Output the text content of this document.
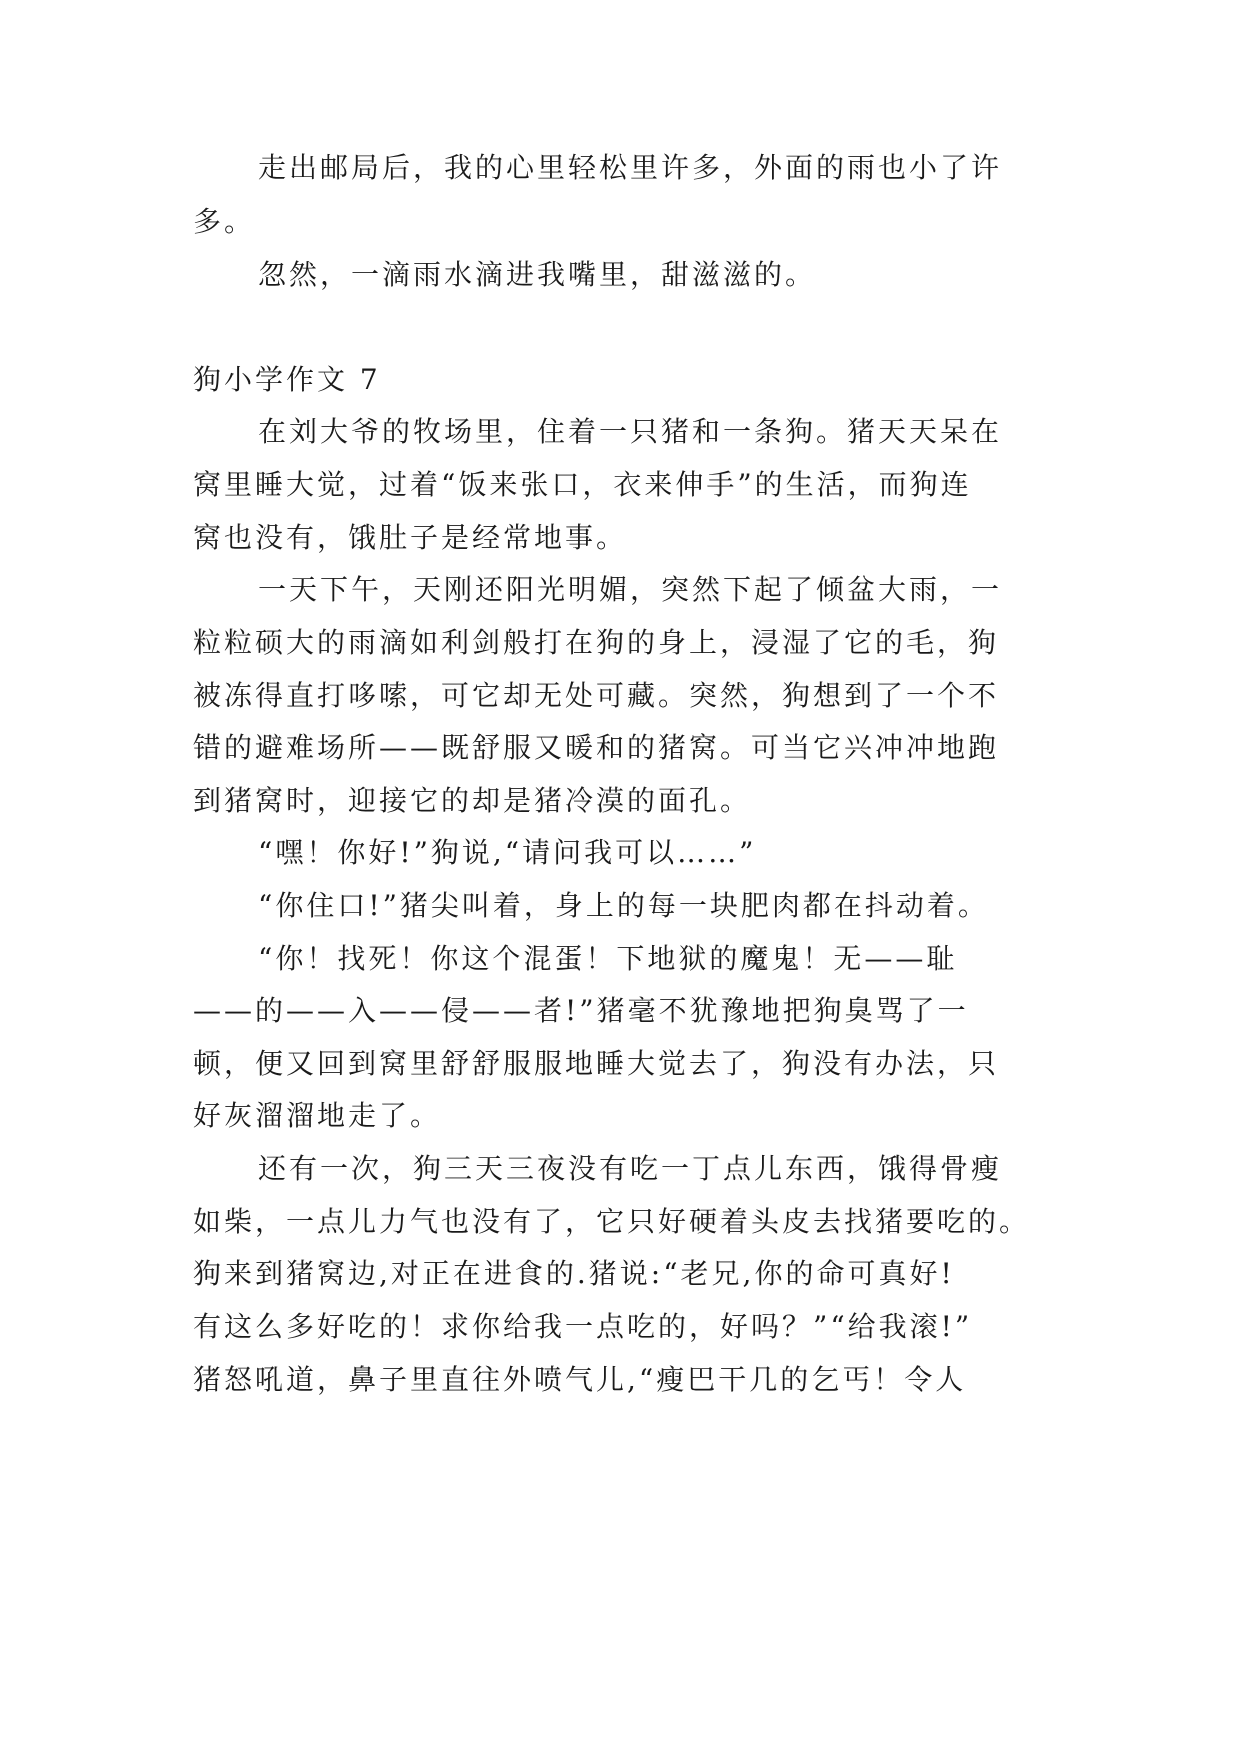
走出邮局后，我的心里轻松里许多，外面的雨也小了许
多。
忽然，一滴雨水滴进我嘴里，甜滋滋的。
狗小学作文 7
在刘大爷的牧场里，住着一只猪和一条狗。猪天天呆在
窝里睡大觉，过着“饭来张口，衣来伸手”的生活，而狗连
窝也没有，饿肚子是经常地事。
一天下午，天刚还阳光明媚，突然下起了倾盆大雨，一
粒粒硕大的雨滴如利剑般打在狗的身上，浸湿了它的毛，狗
被冻得直打哆嗦，可它却无处可藏。突然，狗想到了一个不
错的避难场所——既舒服又暖和的猪窝。可当它兴冲冲地跑
到猪窝时，迎接它的却是猪冷漠的面孔。
“嘿！你好!”狗说,“请问我可以……”
“你住口!”猪尖叫着，身上的每一块肥肉都在抖动着。
“你！找死！你这个混蛋！下地狱的魔鬼！无——耻
——的——入——侵——者!”猪毫不犹豫地把狗臭骂了一
顿，便又回到窝里舒舒服服地睡大觉去了，狗没有办法，只
好灰溜溜地走了。
还有一次，狗三天三夜没有吃一丁点儿东西，饿得骨瘦
如柴，一点儿力气也没有了，它只好硬着头皮去找猪要吃的。
狗来到猪窝边,对正在进食的.猪说:“老兄,你的命可真好!
有这么多好吃的！求你给我一点吃的，好吗？”“给我滚!”
猪怒吼道，鼻子里直往外喷气儿,“瘦巴干几的乞丐！令人
